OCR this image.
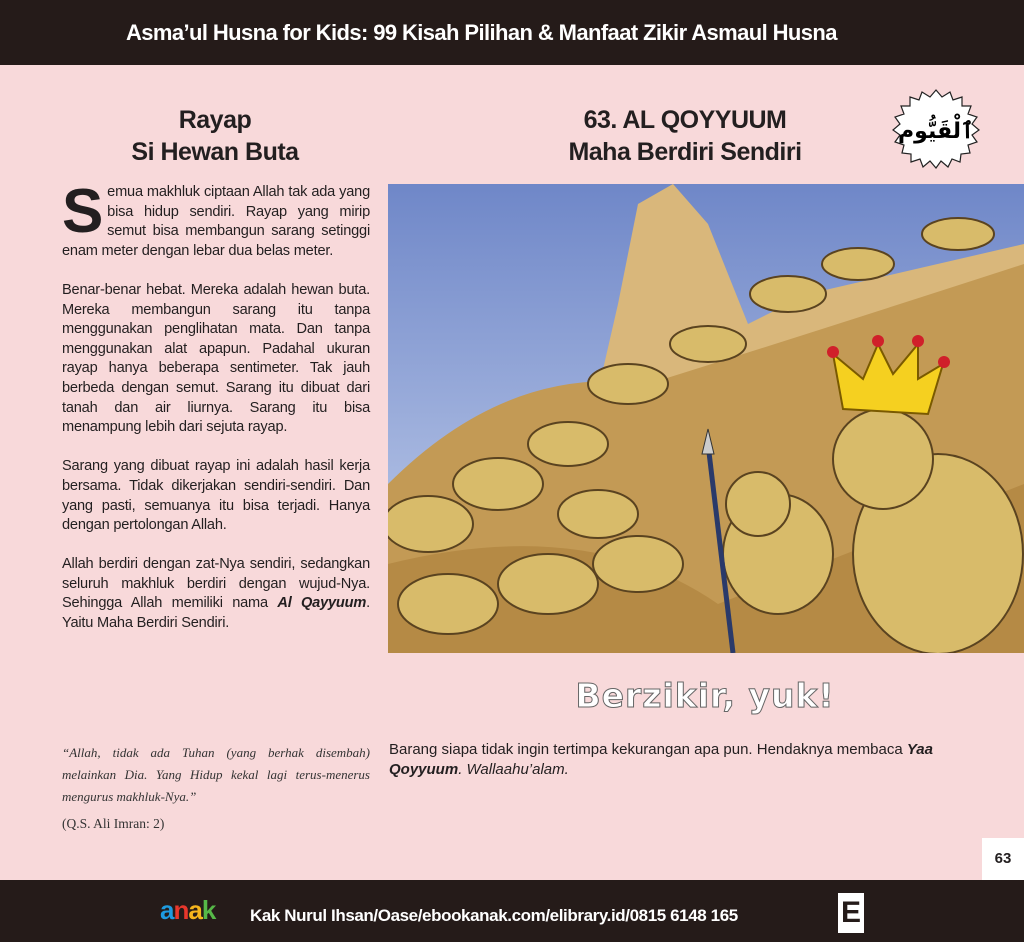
Asma’ul Husna for Kids: 99 Kisah Pilihan & Manfaat Zikir Asmaul Husna
Rayap
Si Hewan Buta
63. AL QOYYUUM
Maha Berdiri Sendiri
ٱلْقَيُّوم

Semua makhluk ciptaan Allah tak ada yang bisa hidup sendiri. Rayap yang mirip semut bisa membangun sarang setinggi enam meter dengan lebar dua belas meter.

Benar-benar hebat. Mereka adalah hewan buta. Mereka membangun sarang itu tanpa menggunakan penglihatan mata. Dan tanpa menggunakan alat apapun. Padahal ukuran rayap hanya beberapa sentimeter. Tak jauh berbeda dengan semut. Sarang itu dibuat dari tanah dan air liurnya. Sarang itu bisa menampung lebih dari sejuta rayap.

Sarang yang dibuat rayap ini adalah hasil kerja bersama. Tidak dikerjakan sendiri-sendiri. Dan yang pasti, semuanya itu bisa terjadi. Hanya dengan pertolongan Allah.

Allah berdiri dengan zat-Nya sendiri, sedangkan seluruh makhluk berdiri dengan wujud-Nya. Sehingga Allah memiliki nama Al Qayyuum. Yaitu Maha Berdiri Sendiri.

“Allah, tidak ada Tuhan (yang berhak disembah) melainkan Dia. Yang Hidup kekal lagi terus-menerus mengurus makhluk-Nya.”
(Q.S. Ali Imran: 2)
Berzikir, yuk!
Barang siapa tidak ingin tertimpa kekurangan apa pun. Hendaknya membaca Yaa Qoyyuum. Wallaahu’alam.
63
anak Kak Nurul Ihsan/Oase/ebookanak.com/elibrary.id/0815 6148 165	E
